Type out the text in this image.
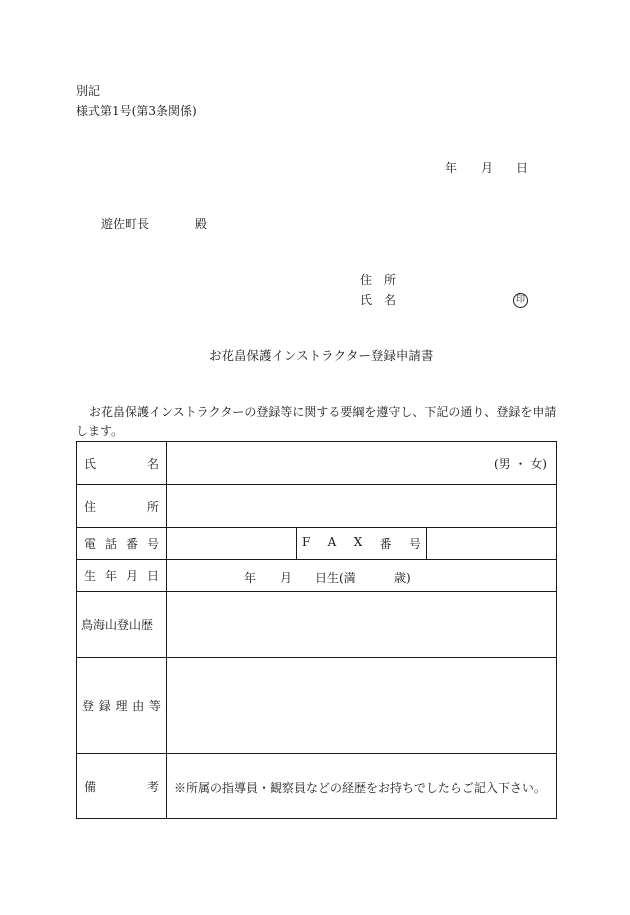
別記
様式第1号(第3条関係)
年 月 日
遊佐町長	殿
住 所
氏 名	印
お花畠保護インストラクター登録申請書
お花畠保護インストラクターの登録等に関する要綱を遵守し、下記の通り、登録を申請
します。
氏 名	(男 ・ 女)		

住 所			

電 話 番 号		F A X 番 号	

生 年 月 日	年 月 日生(満 歳)		

鳥海山登山歴			

登 録 理 由 等			

備 考	※所属の指導員・観察員などの経歴をお持ちでしたらご記入下さい。		
